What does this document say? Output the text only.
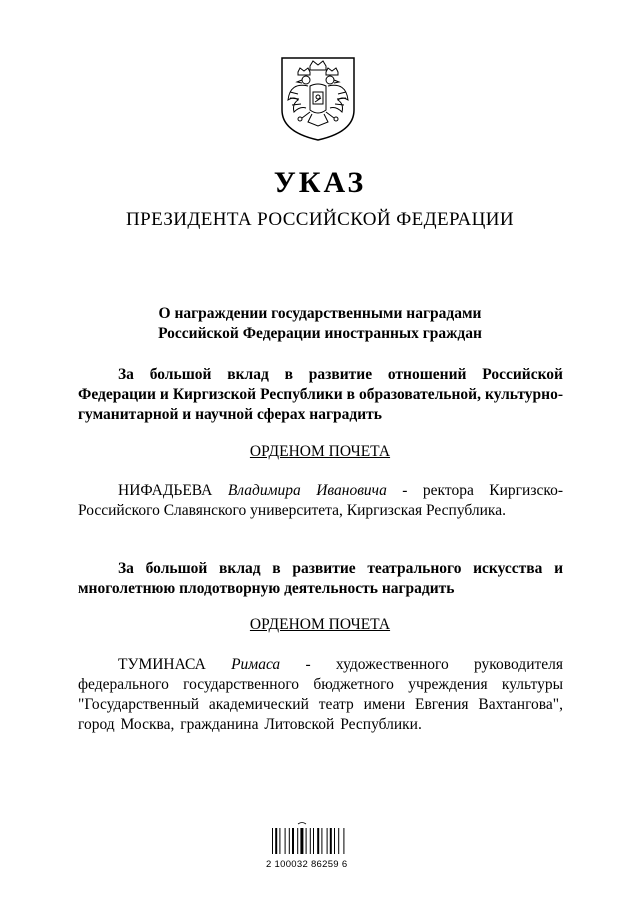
УКАЗ
ПРЕЗИДЕНТА РОССИЙСКОЙ ФЕДЕРАЦИИ
О награждении государственными наградами
Российской Федерации иностранных граждан
За большой вклад в развитие отношений Российской Федерации и Киргизской Республики в образовательной, культурно-гуманитарной и научной сферах наградить
ОРДЕНОМ ПОЧЕТА
НИФАДЬЕВА Владимира Ивановича - ректора Киргизско-Российского Славянского университета, Киргизская Республика.
За большой вклад в развитие театрального искусства и многолетнюю плодотворную деятельность наградить
ОРДЕНОМ ПОЧЕТА
ТУМИНАСА Римаса - художественного руководителя федерального государственного бюджетного учреждения культуры "Государственный академический театр имени Евгения Вахтангова", город Москва, гражданина Литовской Республики.
2 100032 86259 6
